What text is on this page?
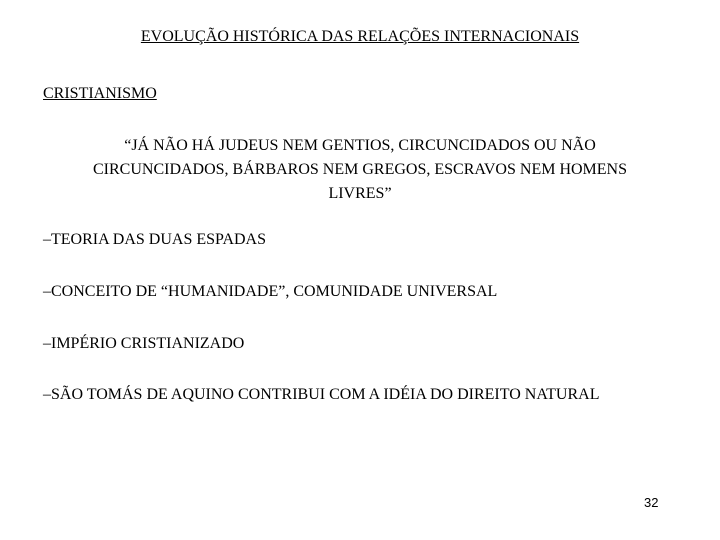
EVOLUÇÃO HISTÓRICA DAS RELAÇÕES INTERNACIONAIS
CRISTIANISMO
“JÁ NÃO HÁ JUDEUS NEM GENTIOS, CIRCUNCIDADOS OU NÃO
CIRCUNCIDADOS, BÁRBAROS NEM GREGOS, ESCRAVOS NEM HOMENS
LIVRES”
–TEORIA DAS DUAS ESPADAS
–CONCEITO DE “HUMANIDADE”, COMUNIDADE UNIVERSAL
–IMPÉRIO CRISTIANIZADO
–SÃO TOMÁS DE AQUINO CONTRIBUI COM A IDÉIA DO DIREITO NATURAL
32
